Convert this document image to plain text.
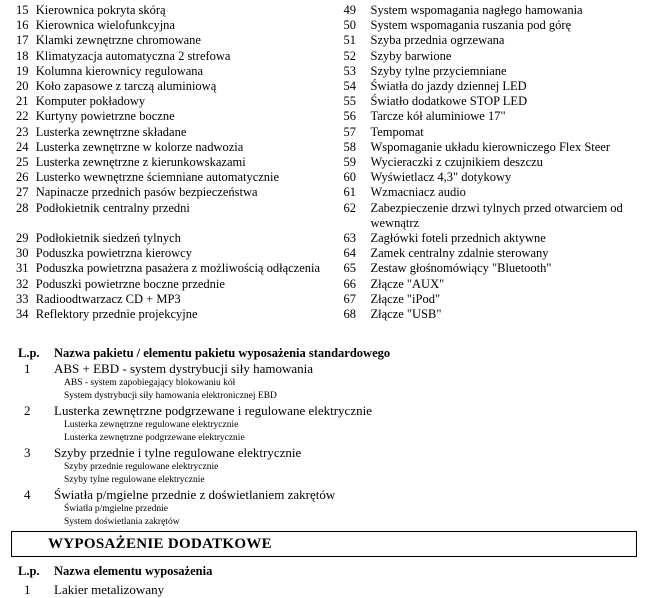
15 Kierownica pokryta skórą	49	System wspomagania nagłego hamowania
16 Kierownica wielofunkcyjna	50	System wspomagania ruszania pod górę
17 Klamki zewnętrzne chromowane	51	Szyba przednia ogrzewana
18 Klimatyzacja automatyczna 2 strefowa	52	Szyby barwione
19 Kolumna kierownicy regulowana	53	Szyby tylne przyciemniane
20 Koło zapasowe z tarczą aluminiową	54	Światła do jazdy dziennej LED
21 Komputer pokładowy	55	Światło dodatkowe STOP LED
22 Kurtyny powietrzne boczne	56	Tarcze kół aluminiowe 17"
23 Lusterka zewnętrzne składane	57	Tempomat
24 Lusterka zewnętrzne w kolorze nadwozia	58	Wspomaganie układu kierowniczego Flex Steer
25 Lusterka zewnętrzne z kierunkowskazami	59	Wycieraczki z czujnikiem deszczu
26 Lusterko wewnętrzne ściemniane automatycznie	60	Wyświetlacz 4,3" dotykowy
27 Napinacze przednich pasów bezpieczeństwa	61	Wzmacniacz audio
28 Podłokietnik centralny przedni	62	Zabezpieczenie drzwi tylnych przed otwarciem od wewnątrz
29 Podłokietnik siedzeń tylnych	63	Zagłówki foteli przednich aktywne
30 Poduszka powietrzna kierowcy	64	Zamek centralny zdalnie sterowany
31 Poduszka powietrzna pasażera z możliwością odłączenia	65	Zestaw głośnomówiący "Bluetooth"
32 Poduszki powietrzne boczne przednie	66	Złącze "AUX"
33 Radioodtwarzacz CD + MP3	67	Złącze "iPod"
34 Reflektory przednie projekcyjne	68	Złącze "USB"
L.p.	Nazwa pakietu / elementu pakietu wyposażenia standardowego
1	ABS + EBD - system dystrybucji siły hamowania
ABS - system zapobiegający blokowaniu kół
System dystrybucji siły hamowania elektronicznej EBD
2	Lusterka zewnętrzne podgrzewane i regulowane elektrycznie
Lusterka zewnętrzne regulowane elektrycznie
Lusterka zewnętrzne podgrzewane elektrycznie
3	Szyby przednie i tylne regulowane elektrycznie
Szyby przednie regulowane elektrycznie
Szyby tylne regulowane elektrycznie
4	Światła p/mgielne przednie z doświetlaniem zakrętów
Światła p/mgielne przednie
System doświetlania zakrętów
WYPOSAŻENIE DODATKOWE
L.p.	Nazwa elementu wyposażenia
1	Lakier metalizowany
